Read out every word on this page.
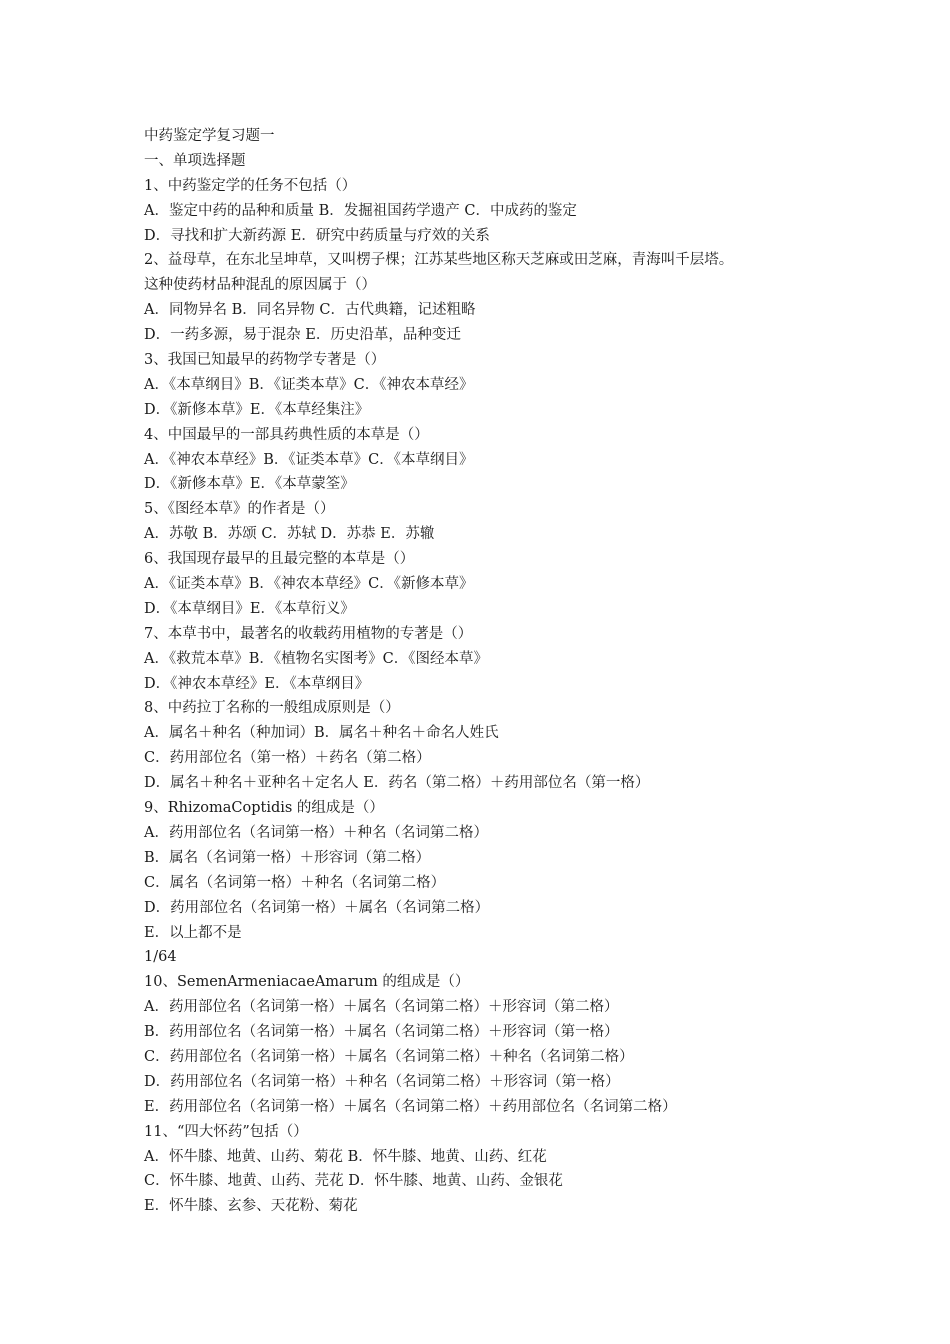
中药鉴定学复习题一

一、单项选择题

1、中药鉴定学的任务不包括（）

A．鉴定中药的品种和质量 B．发掘祖国药学遗产 C．中成药的鉴定

D．寻找和扩大新药源 E．研究中药质量与疗效的关系

2、益母草，在东北呈坤草，又叫楞子棵；江苏某些地区称天芝麻或田芝麻，青海叫千层塔。

这种使药材品种混乱的原因属于（）

A．同物异名 B．同名异物 C．古代典籍，记述粗略

D．一药多源，易于混杂 E．历史沿革，品种变迁

3、我国已知最早的药物学专著是（）

A．《本草纲目》B．《证类本草》C．《神农本草经》

D．《新修本草》E．《本草经集注》

4、中国最早的一部具药典性质的本草是（）

A．《神农本草经》B．《证类本草》C．《本草纲目》

D．《新修本草》E．《本草蒙筌》

5、《图经本草》的作者是（）

A．苏敬 B．苏颂 C．苏轼 D．苏恭 E．苏辙

6、我国现存最早的且最完整的本草是（）

A．《证类本草》B．《神农本草经》C．《新修本草》

D．《本草纲目》E．《本草衍义》

7、本草书中，最著名的收载药用植物的专著是（）

A．《救荒本草》B．《植物名实图考》C．《图经本草》

D．《神农本草经》E．《本草纲目》

8、中药拉丁名称的一般组成原则是（）

A．属名＋种名（种加词）B．属名＋种名＋命名人姓氏

C．药用部位名（第一格）＋药名（第二格）

D．属名＋种名＋亚种名＋定名人 E．药名（第二格）＋药用部位名（第一格）

9、RhizomaCoptidis 的组成是（）

A．药用部位名（名词第一格）＋种名（名词第二格）

B．属名（名词第一格）＋形容词（第二格）

C．属名（名词第一格）＋种名（名词第二格）

D．药用部位名（名词第一格）＋属名（名词第二格）

E．以上都不是

1/64

10、SemenArmeniacaeAmarum 的组成是（）

A．药用部位名（名词第一格）＋属名（名词第二格）＋形容词（第二格）

B．药用部位名（名词第一格）＋属名（名词第二格）＋形容词（第一格）

C．药用部位名（名词第一格）＋属名（名词第二格）＋种名（名词第二格）

D．药用部位名（名词第一格）＋种名（名词第二格）＋形容词（第一格）

E．药用部位名（名词第一格）＋属名（名词第二格）＋药用部位名（名词第二格）

11、“四大怀药”包括（）

A．怀牛膝、地黄、山药、菊花 B．怀牛膝、地黄、山药、红花

C．怀牛膝、地黄、山药、芫花 D．怀牛膝、地黄、山药、金银花

E．怀牛膝、玄参、天花粉、菊花
